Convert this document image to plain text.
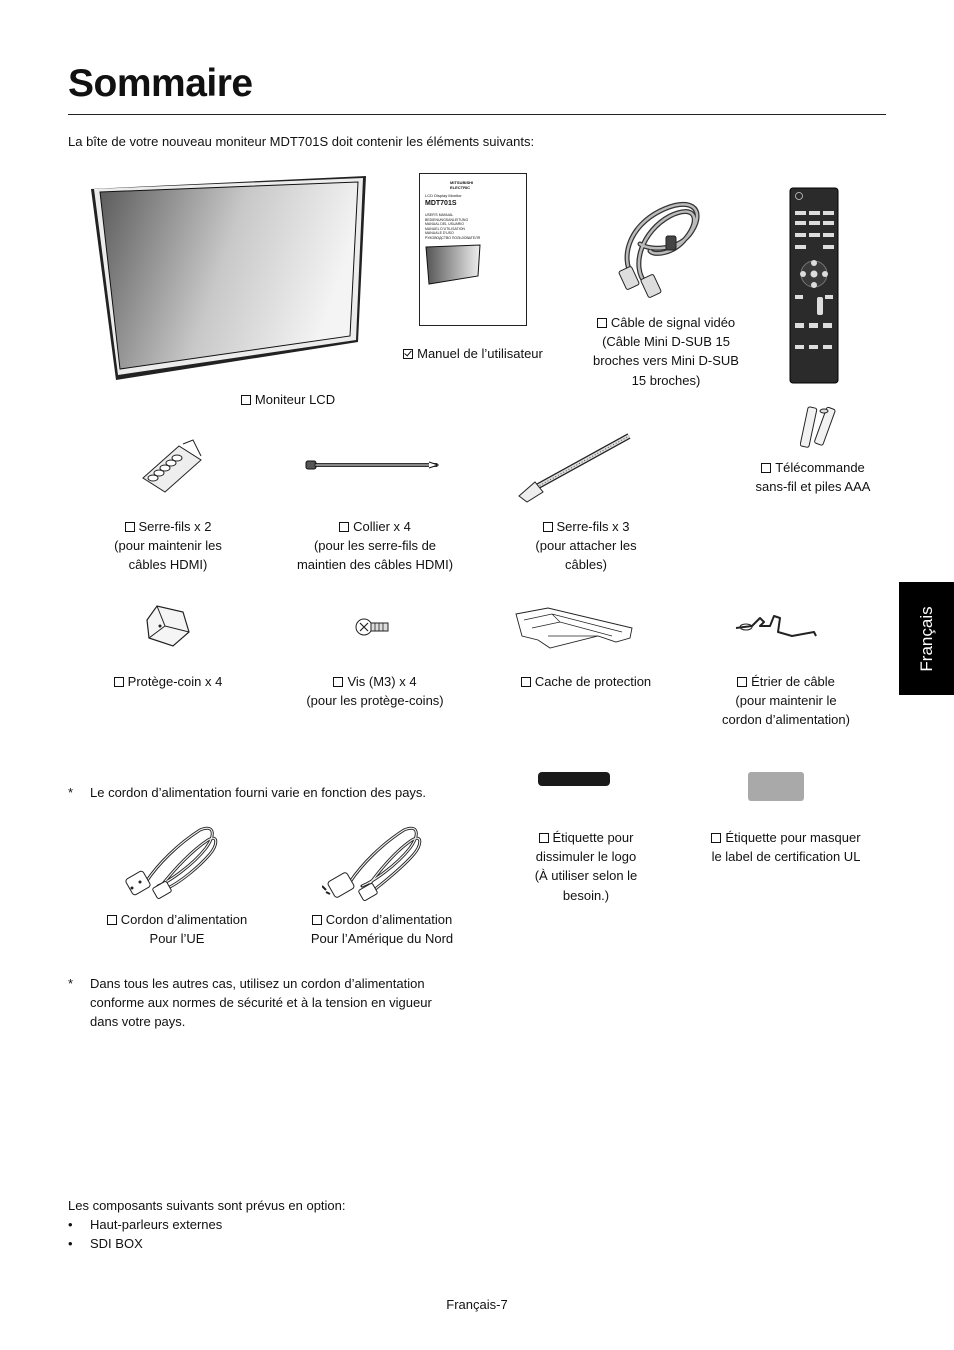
Sommaire
La bîte de votre nouveau moniteur MDT701S doit contenir les éléments suivants:
Français
MITSUBISHI ELECTRIC
LCD Display Monitor
MDT701S
USER'S MANUAL
BEDIENUNGSANLEITUNG
MANUAL DEL USUARIO
MANUEL D'UTILISATION
MANUALE D'USO
РУКОВОДСТВО ПОЛЬЗОВАТЕЛЯ
Moniteur LCD
Manuel de l’utilisateur
Câble de signal vidéo
(Câble Mini D-SUB 15
broches vers Mini D-SUB
15 broches)
Télécommande
sans-fil et piles AAA
Serre-fils x 2
(pour maintenir les
câbles HDMI)
Collier x 4
(pour les serre-fils de
maintien des câbles HDMI)
Serre-fils x 3
(pour attacher les
câbles)
Protège-coin x 4	Vis (M3) x 4
(pour les protège-coins)
Cache de protection	Étrier de câble
(pour maintenir le
cordon d’alimentation)
Étiquette pour
dissimuler le logo
(À utiliser selon le
besoin.)
Étiquette pour masquer
le label de certification UL
Cordon d’alimentation
Pour l’UE
Cordon d’alimentation
Pour l’Amérique du Nord
* Le cordon d’alimentation fourni varie en fonction des pays.
* Dans tous les autres cas, utilisez un cordon d’alimentation
conforme aux normes de sécurité et à la tension en vigueur
dans votre pays.
Les composants suivants sont prévus en option:
• Haut-parleurs externes
• SDI BOX
Français-7
